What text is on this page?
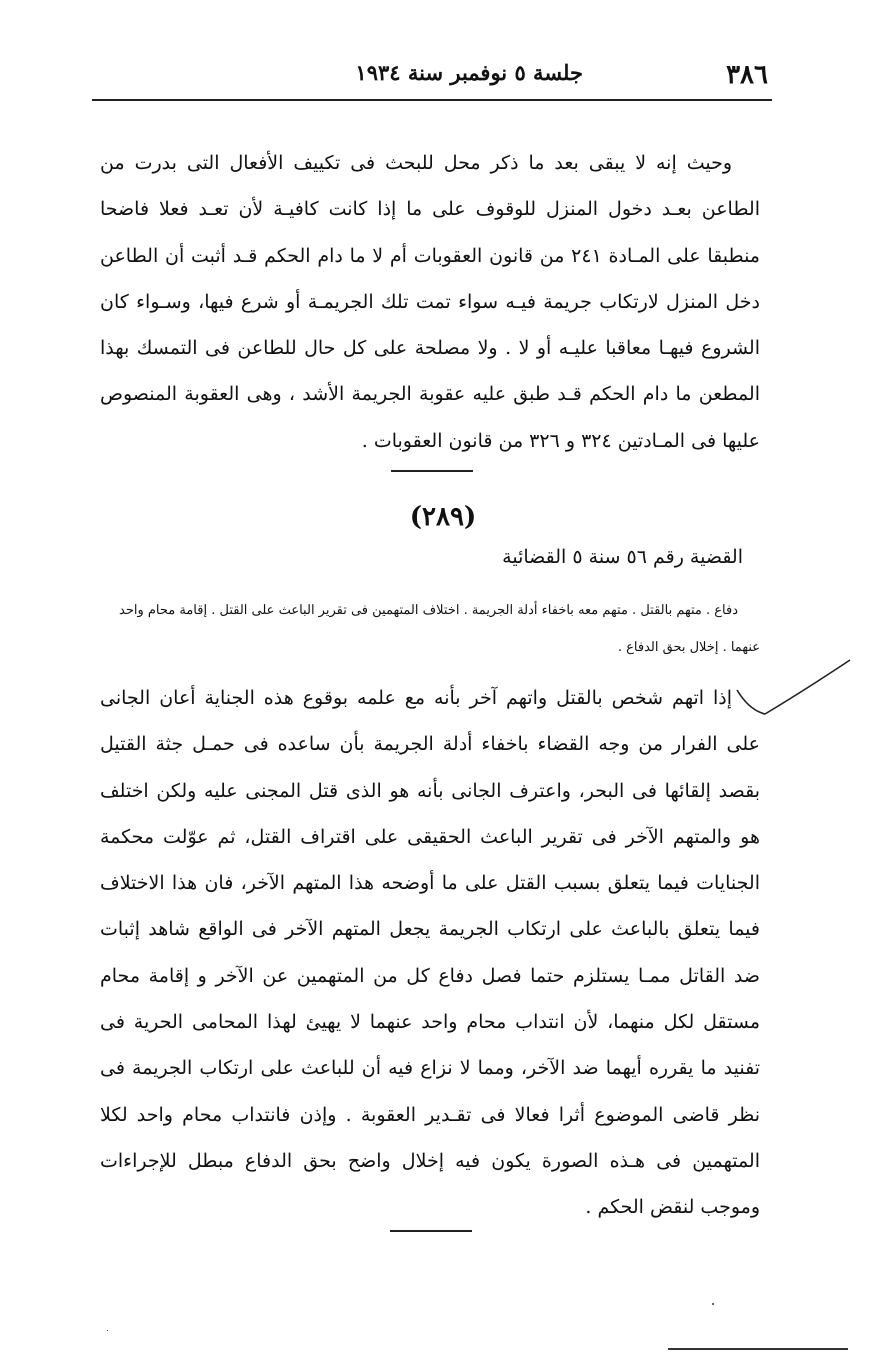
٣٨٦
جلسة ٥ نوفمبر سنة ١٩٣٤

وحيث إنه لا يبقى بعد ما ذكر محل للبحث فى تكييف الأفعال التى بدرت من الطاعن بعـد دخول المنزل للوقوف على ما إذا كانت كافيـة لأن تعـد فعلا فاضحا منطبقا على المـادة ٢٤١ من قانون العقوبات أم لا ما دام الحكم قـد أثبت أن الطاعن دخل المنزل لارتكاب جريمة فيـه سواء تمت تلك الجريمـة أو شرع فيها، وسـواء كان الشروع فيهـا معاقبا عليـه أو لا . ولا مصلحة على كل حال للطاعن فى التمسك بهذا المطعن ما دام الحكم قـد طبق عليه عقوبة الجريمة الأشد ، وهى العقوبة المنصوص عليها فى المـادتين ٣٢٤ و ٣٢٦ من قانون العقوبات .

(٢٨٩)
القضية رقم ٥٦ سنة ٥ القضائية

دفاع . متهم بالقتل . متهم معه باخفاء أدلة الجريمة . اختلاف المتهمين فى تقرير الباعث على القتل . إقامة محام واحد عنهما . إخلال بحق الدفاع .

إذا اتهم شخص بالقتل واتهم آخر بأنه مع علمه بوقوع هذه الجناية أعان الجانى على الفرار من وجه القضاء باخفاء أدلة الجريمة بأن ساعده فى حمـل جثة القتيل بقصد إلقائها فى البحر، واعترف الجانى بأنه هو الذى قتل المجنى عليه ولكن اختلف هو والمتهم الآخر فى تقرير الباعث الحقيقى على اقتراف القتل، ثم عوّلت محكمة الجنايات فيما يتعلق بسبب القتل على ما أوضحه هذا المتهم الآخر، فان هذا الاختلاف فيما يتعلق بالباعث على ارتكاب الجريمة يجعل المتهم الآخر فى الواقع شاهد إثبات ضد القاتل ممـا يستلزم حتما فصل دفاع كل من المتهمين عن الآخر و إقامة محام مستقل لكل منهما، لأن انتداب محام واحد عنهما لا يهيئ لهذا المحامى الحرية فى تفنيد ما يقرره أيهما ضد الآخر، ومما لا نزاع فيه أن للباعث على ارتكاب الجريمة فى نظر قاضى الموضوع أثرا فعالا فى تقـدير العقوبة . وإذن فانتداب محام واحد لكلا المتهمين فى هـذه الصورة يكون فيه إخلال واضح بحق الدفاع مبطل للإجراءات وموجب لنقض الحكم .
